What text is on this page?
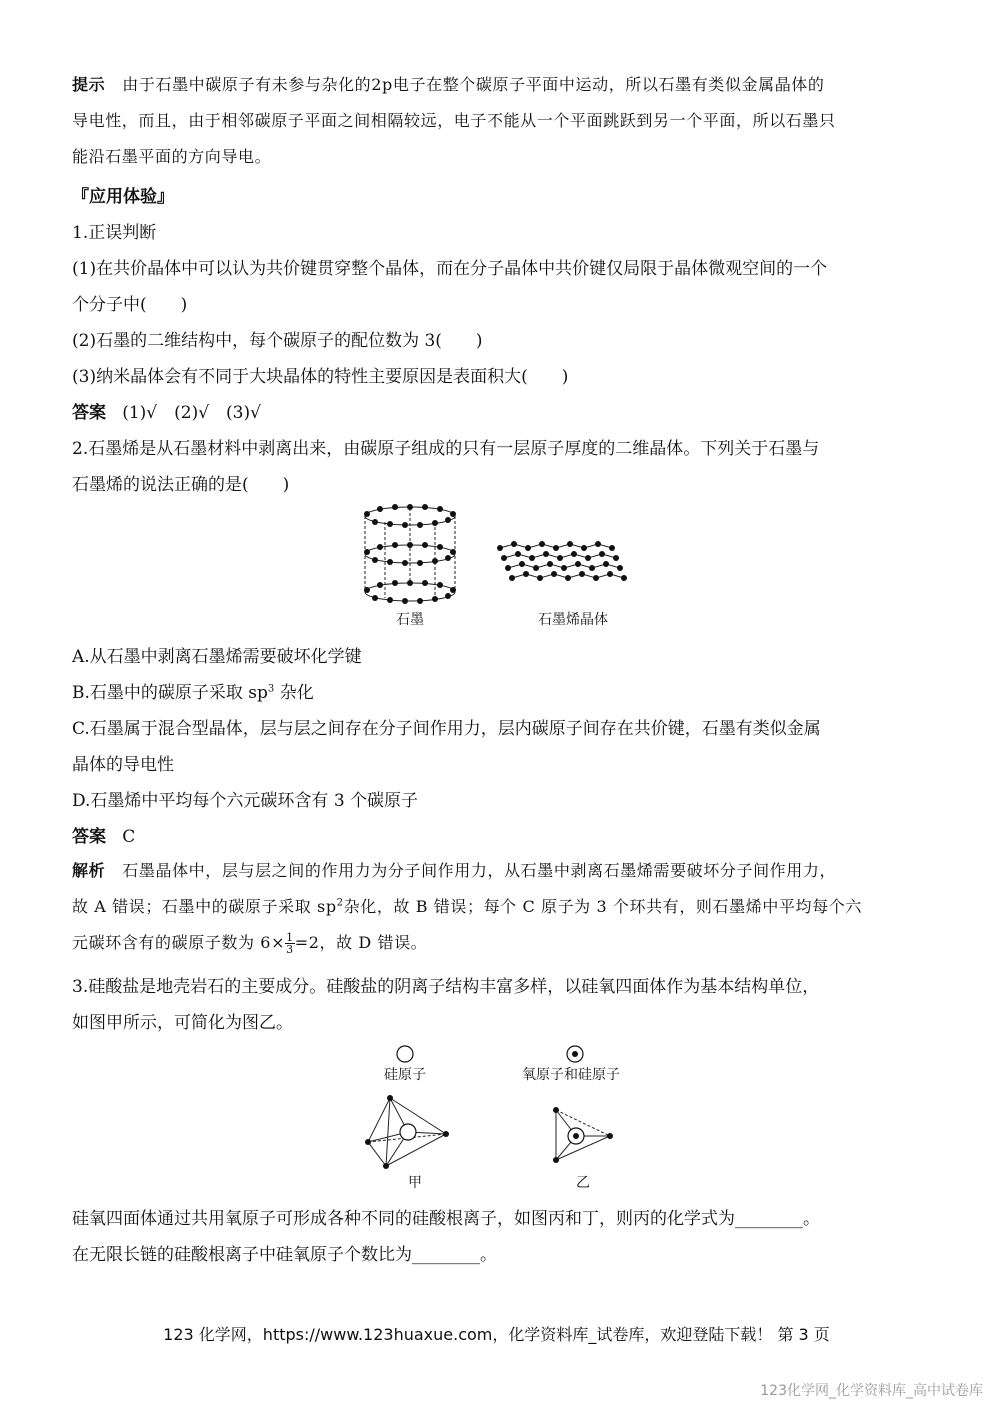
提示 由于石墨中碳原子有未参与杂化的2p电子在整个碳原子平面中运动，所以石墨有类似金属晶体的
导电性，而且，由于相邻碳原子平面之间相隔较远，电子不能从一个平面跳跃到另一个平面，所以石墨只
能沿石墨平面的方向导电。
『应用体验』
1.正误判断
(1)在共价晶体中可以认为共价键贯穿整个晶体，而在分子晶体中共价键仅局限于晶体微观空间的一个
个分子中(　　)
(2)石墨的二维结构中，每个碳原子的配位数为 3(　　)
(3)纳米晶体会有不同于大块晶体的特性主要原因是表面积大(　　)
答案 (1)√　(2)√　(3)√
2.石墨烯是从石墨材料中剥离出来，由碳原子组成的只有一层原子厚度的二维晶体。下列关于石墨与
石墨烯的说法正确的是(　　)
石墨	石墨烯晶体
A.从石墨中剥离石墨烯需要破坏化学键
B.石墨中的碳原子采取 $sp^3$ 杂化
C.石墨属于混合型晶体，层与层之间存在分子间作用力，层内碳原子间存在共价键，石墨有类似金属
晶体的导电性
D.石墨烯中平均每个六元碳环含有 3 个碳原子
答案 C
解析 石墨晶体中，层与层之间的作用力为分子间作用力，从石墨中剥离石墨烯需要破坏分子间作用力，
故 A 错误；石墨中的碳原子采取 $sp^2$杂化，故 B 错误；每个 C 原子为 3 个环共有，则石墨烯中平均每个六
元碳环含有的碳原子数为 $6\times \frac{1}{3} =2$，故 D 错误。
3.硅酸盐是地壳岩石的主要成分。硅酸盐的阴离子结构丰富多样，以硅氧四面体作为基本结构单位，
如图甲所示，可简化为图乙。
硅原子	氧原子和硅原子
甲	乙
硅氧四面体通过共用氧原子可形成各种不同的硅酸根离子，如图丙和丁，则丙的化学式为________。
在无限长链的硅酸根离子中硅氧原子个数比为________。
123 化学网，https://www.123huaxue.com，化学资料库_试卷库，欢迎登陆下载！ 第 3 页
123化学网_化学资料库_高中试卷库
